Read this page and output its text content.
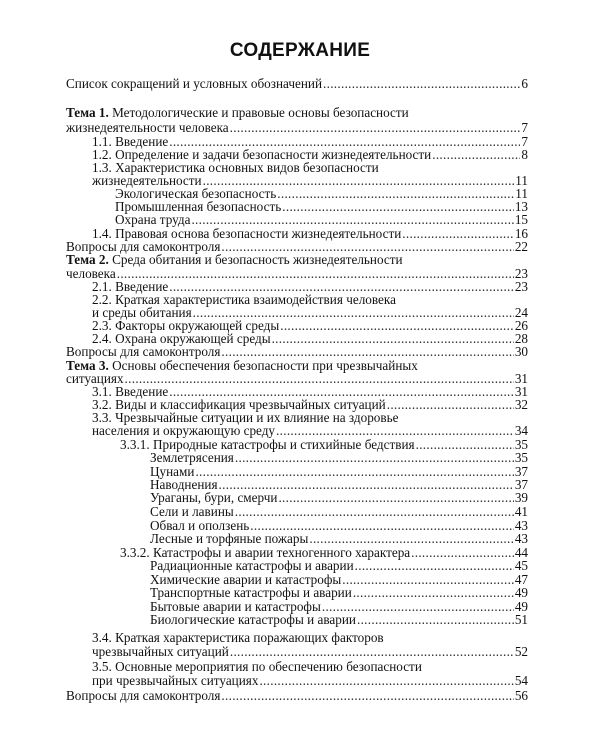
СОДЕРЖАНИЕ
Список сокращений и условных обозначений . . .	6
Тема 1. Методологические и правовые основы безопасности
жизнедеятельности человека . . .	7
1.1. Введение . . .	7
1.2. Определение и задачи безопасности жизнедеятельности . . .	8
1.3. Характеристика основных видов безопасности
жизнедеятельности . . .	11
Экологическая безопасность . . .	11
Промышленная безопасность . . .	13
Охрана труда . . .	15
1.4. Правовая основа безопасности жизнедеятельности . . .	16
Вопросы для самоконтроля . . .	22
Тема 2. Среда обитания и безопасность жизнедеятельности
человека . . .	23
2.1. Введение . . .	23
2.2. Краткая характеристика взаимодействия человека
и среды обитания . . .	24
2.3. Факторы окружающей среды . . .	26
2.4. Охрана окружающей среды . . .	28
Вопросы для самоконтроля . . .	30
Тема 3. Основы обеспечения безопасности при чрезвычайных
ситуациях . . .	31
3.1. Введение . . .	31
3.2. Виды и классификация чрезвычайных ситуаций . . .	32
3.3. Чрезвычайные ситуации и их влияние на здоровье
населения и окружающую среду . . .	34
3.3.1. Природные катастрофы и стихийные бедствия . . .	35
Землетрясения . . .	35
Цунами . . .	37
Наводнения . . .	37
Ураганы, бури, смерчи . . .	39
Сели и лавины . . .	41
Обвал и оползень . . .	43
Лесные и торфяные пожары . . .	43
3.3.2. Катастрофы и аварии техногенного характера . . .	44
Радиационные катастрофы и аварии . . .	45
Химические аварии и катастрофы . . .	47
Транспортные катастрофы и аварии . . .	49
Бытовые аварии и катастрофы . . .	49
Биологические катастрофы и аварии . . .	51
3.4. Краткая характеристика поражающих факторов
чрезвычайных ситуаций . . .	52
3.5. Основные мероприятия по обеспечению безопасности
при чрезвычайных ситуациях . . .	54
Вопросы для самоконтроля . . .	56
